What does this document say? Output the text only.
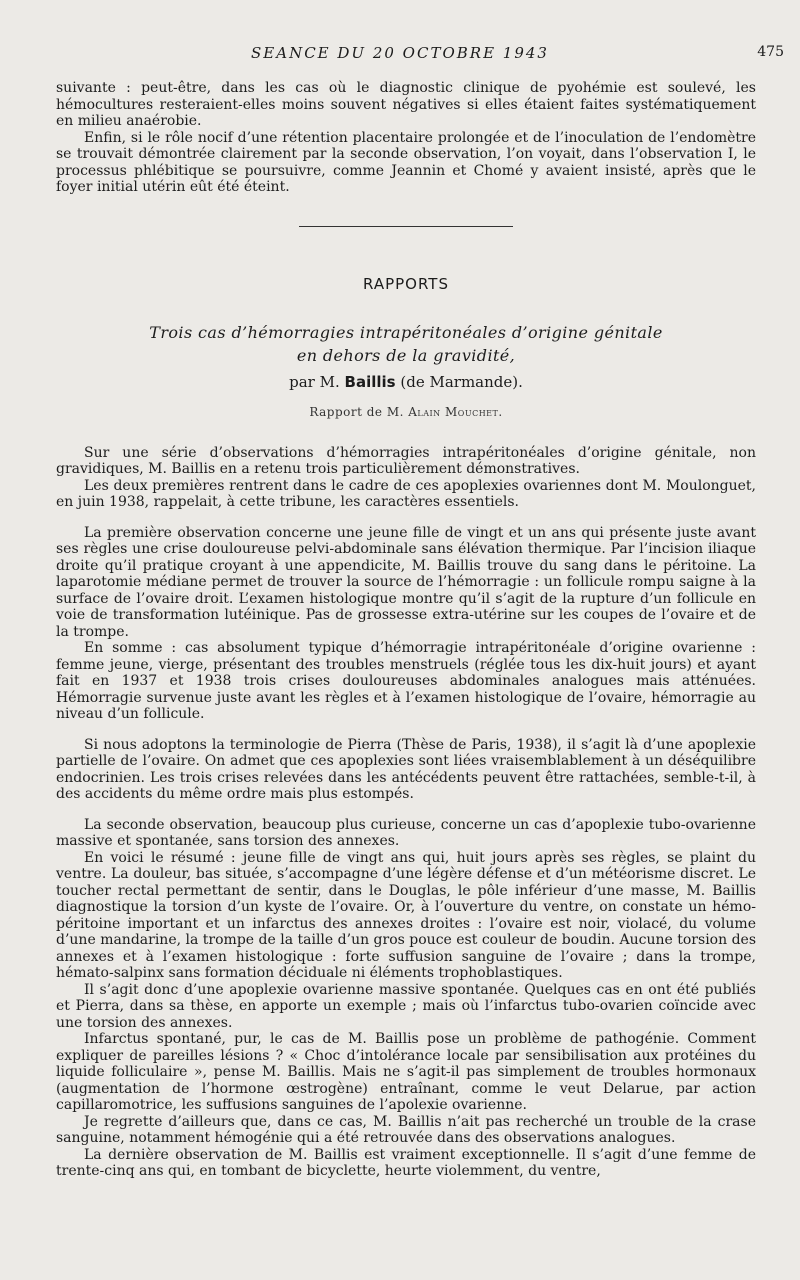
SEANCE DU 20 OCTOBRE 1943	475

suivante : peut-être, dans les cas où le diagnostic clinique de pyohémie est soulevé, les hémocultures resteraient-elles moins souvent négatives si elles étaient faites systématiquement en milieu anaérobie.

Enfin, si le rôle nocif d’une rétention placentaire prolongée et de l’inoculation de l’endomètre se trouvait démontrée clairement par la seconde observation, l’on voyait, dans l’observation I, le processus phlébitique se poursuivre, comme Jeannin et Chomé y avaient insisté, après que le foyer initial utérin eût été éteint.

RAPPORTS
Trois cas d’hémorragies intrapéritonéales d’origine génitale
en dehors de la gravidité,
par M. Baillis (de Marmande).
Rapport de M. Alain Mouchet.

Sur une série d’observations d’hémorragies intrapéritonéales d’origine génitale, non gravidiques, M. Baillis en a retenu trois particulièrement démonstratives.

Les deux premières rentrent dans le cadre de ces apoplexies ovariennes dont M. Moulonguet, en juin 1938, rappelait, à cette tribune, les caractères essentiels.

La première observation concerne une jeune fille de vingt et un ans qui présente juste avant ses règles une crise douloureuse pelvi-abdominale sans élévation thermique. Par l’incision iliaque droite qu’il pratique croyant à une appendicite, M. Baillis trouve du sang dans le péritoine. La laparotomie médiane permet de trouver la source de l’hémorragie : un follicule rompu saigne à la surface de l’ovaire droit. L’examen histologique montre qu’il s’agit de la rupture d’un follicule en voie de transformation lutéinique. Pas de grossesse extra-utérine sur les coupes de l’ovaire et de la trompe.

En somme : cas absolument typique d’hémorragie intrapéritonéale d’origine ovarienne : femme jeune, vierge, présentant des troubles menstruels (réglée tous les dix-huit jours) et ayant fait en 1937 et 1938 trois crises douloureuses abdominales analogues mais atténuées. Hémorragie survenue juste avant les règles et à l’examen histologique de l’ovaire, hémorragie au niveau d’un follicule.

Si nous adoptons la terminologie de Pierra (Thèse de Paris, 1938), il s’agit là d’une apoplexie partielle de l’ovaire. On admet que ces apoplexies sont liées vraisemblablement à un déséquilibre endocrinien. Les trois crises relevées dans les antécédents peuvent être rattachées, semble-t-il, à des accidents du même ordre mais plus estompés.

La seconde observation, beaucoup plus curieuse, concerne un cas d’apoplexie tubo-ovarienne massive et spontanée, sans torsion des annexes.

En voici le résumé : jeune fille de vingt ans qui, huit jours après ses règles, se plaint du ventre. La douleur, bas située, s’accompagne d’une légère défense et d’un météorisme discret. Le toucher rectal permettant de sentir, dans le Douglas, le pôle inférieur d’une masse, M. Baillis diagnostique la torsion d’un kyste de l’ovaire. Or, à l’ouverture du ventre, on constate un hémo-péritoine important et un infarctus des annexes droites : l’ovaire est noir, violacé, du volume d’une mandarine, la trompe de la taille d’un gros pouce est couleur de boudin. Aucune torsion des annexes et à l’examen histologique : forte suffusion sanguine de l’ovaire ; dans la trompe, hémato-salpinx sans formation déciduale ni éléments trophoblastiques.

Il s’agit donc d’une apoplexie ovarienne massive spontanée. Quelques cas en ont été publiés et Pierra, dans sa thèse, en apporte un exemple ; mais où l’infarctus tubo-ovarien coïncide avec une torsion des annexes.

Infarctus spontané, pur, le cas de M. Baillis pose un problème de pathogénie. Comment expliquer de pareilles lésions ? « Choc d’intolérance locale par sensibilisation aux protéines du liquide folliculaire », pense M. Baillis. Mais ne s’agit-il pas simplement de troubles hormonaux (augmentation de l’hormone œstrogène) entraînant, comme le veut Delarue, par action capillaromotrice, les suffusions sanguines de l’apolexie ovarienne.

Je regrette d’ailleurs que, dans ce cas, M. Baillis n’ait pas recherché un trouble de la crase sanguine, notamment hémogénie qui a été retrouvée dans des observations analogues.

La dernière observation de M. Baillis est vraiment exceptionnelle. Il s’agit d’une femme de trente-cinq ans qui, en tombant de bicyclette, heurte violemment, du ventre,
